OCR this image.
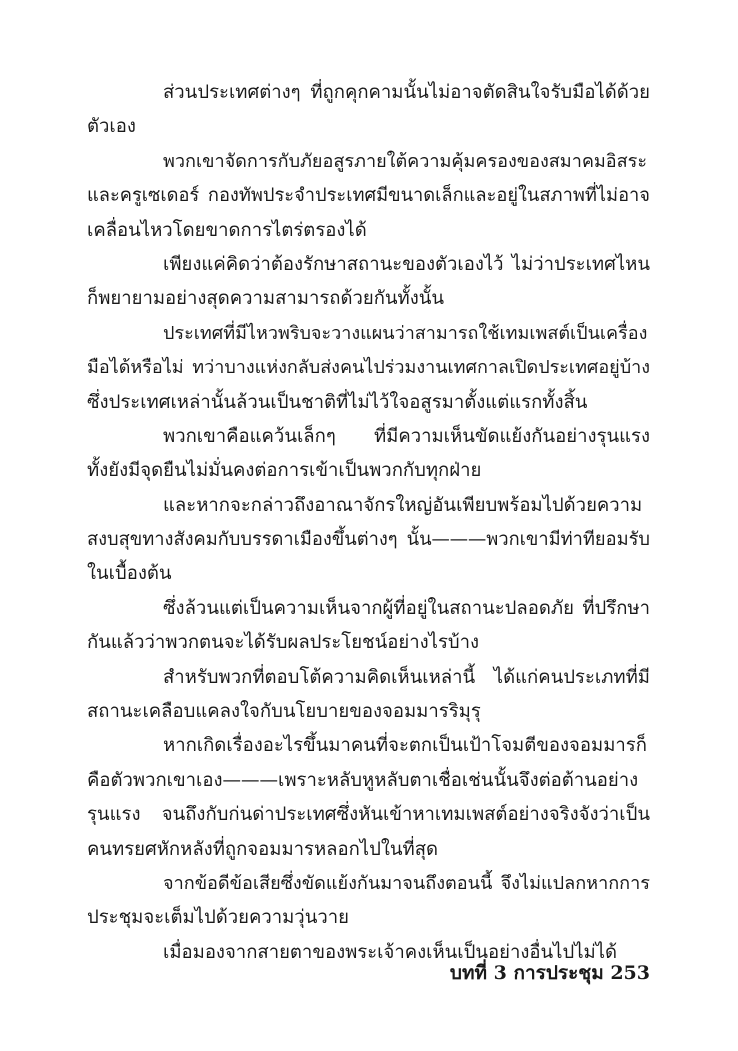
ส่วนประเทศต่างๆ ที่ถูกคุกคามนั้นไม่อาจตัดสินใจรับมือได้ด้วย
ตัวเอง
พวกเขาจัดการกับภัยอสูรภายใต้ความคุ้มครองของสมาคมอิสระ
และครูเซเดอร์ กองทัพประจำประเทศมีขนาดเล็กและอยู่ในสภาพที่ไม่อาจ
เคลื่อนไหวโดยขาดการไตร่ตรองได้
เพียงแค่คิดว่าต้องรักษาสถานะของตัวเองไว้ ไม่ว่าประเทศไหน
ก็พยายามอย่างสุดความสามารถด้วยกันทั้งนั้น
ประเทศที่มีไหวพริบจะวางแผนว่าสามารถใช้เทมเพสต์เป็นเครื่อง
มือได้หรือไม่ ทว่าบางแห่งกลับส่งคนไปร่วมงานเทศกาลเปิดประเทศอยู่บ้าง
ซึ่งประเทศเหล่านั้นล้วนเป็นชาติที่ไม่ไว้ใจอสูรมาตั้งแต่แรกทั้งสิ้น
พวกเขาคือแคว้นเล็กๆ ที่มีความเห็นขัดแย้งกันอย่างรุนแรง
ทั้งยังมีจุดยืนไม่มั่นคงต่อการเข้าเป็นพวกกับทุกฝ่าย
และหากจะกล่าวถึงอาณาจักรใหญ่อันเพียบพร้อมไปด้วยความ
สงบสุขทางสังคมกับบรรดาเมืองขึ้นต่างๆ นั้น———พวกเขามีท่าทียอมรับ
ในเบื้องต้น
ซึ่งล้วนแต่เป็นความเห็นจากผู้ที่อยู่ในสถานะปลอดภัย ที่ปรึกษา
กันแล้วว่าพวกตนจะได้รับผลประโยชน์อย่างไรบ้าง
สำหรับพวกที่ตอบโต้ความคิดเห็นเหล่านี้ ได้แก่คนประเภทที่มี
สถานะเคลือบแคลงใจกับนโยบายของจอมมารริมุรุ
หากเกิดเรื่องอะไรขึ้นมาคนที่จะตกเป็นเป้าโจมตีของจอมมารก็
คือตัวพวกเขาเอง———เพราะหลับหูหลับตาเชื่อเช่นนั้นจึงต่อต้านอย่าง
รุนแรง จนถึงกับก่นด่าประเทศซึ่งหันเข้าหาเทมเพสต์อย่างจริงจังว่าเป็น
คนทรยศหักหลังที่ถูกจอมมารหลอกไปในที่สุด
จากข้อดีข้อเสียซึ่งขัดแย้งกันมาจนถึงตอนนี้ จึงไม่แปลกหากการ
ประชุมจะเต็มไปด้วยความวุ่นวาย
เมื่อมองจากสายตาของพระเจ้าคงเห็นเป็นอย่างอื่นไปไม่ได้
บทที่ 3 การประชุม 253
